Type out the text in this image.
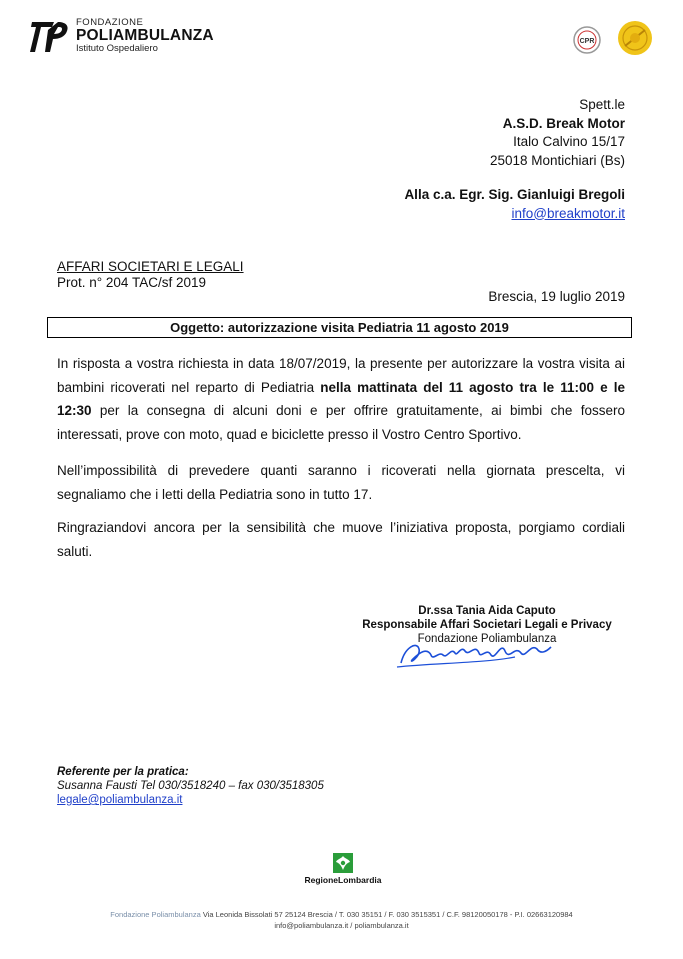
FONDAZIONE
POLIAMBULANZA
Istituto Ospedaliero
CPR
Spett.le
A.S.D. Break Motor
Italo Calvino 15/17
25018 Montichiari (Bs)
Alla c.a. Egr. Sig. Gianluigi Bregoli
info@breakmotor.it
AFFARI SOCIETARI E LEGALI
Prot. n° 204 TAC/sf 2019
Brescia, 19 luglio 2019
Oggetto: autorizzazione visita Pediatria 11 agosto 2019
In risposta a vostra richiesta in data 18/07/2019, la presente per autorizzare la vostra visita ai bambini ricoverati nel reparto di Pediatria nella mattinata del 11 agosto tra le 11:00 e le 12:30 per la consegna di alcuni doni e per offrire gratuitamente, ai bimbi che fossero interessati, prove con moto, quad e biciclette presso il Vostro Centro Sportivo.
Nell’impossibilità di prevedere quanti saranno i ricoverati nella giornata prescelta, vi segnaliamo che i letti della Pediatria sono in tutto 17.
Ringraziandovi ancora per la sensibilità che muove l’iniziativa proposta, porgiamo cordiali saluti.
Dr.ssa Tania Aida Caputo
Responsabile Affari Societari Legali e Privacy
Fondazione Poliambulanza
Referente per la pratica:
Susanna Fausti Tel 030/3518240 – fax 030/3518305
legale@poliambulanza.it
RegioneLombardia
Fondazione Poliambulanza Via Leonida Bissolati 57 25124 Brescia / T. 030 35151 / F. 030 3515351 / C.F. 98120050178 - P.I. 02663120984
info@poliambulanza.it / poliambulanza.it
